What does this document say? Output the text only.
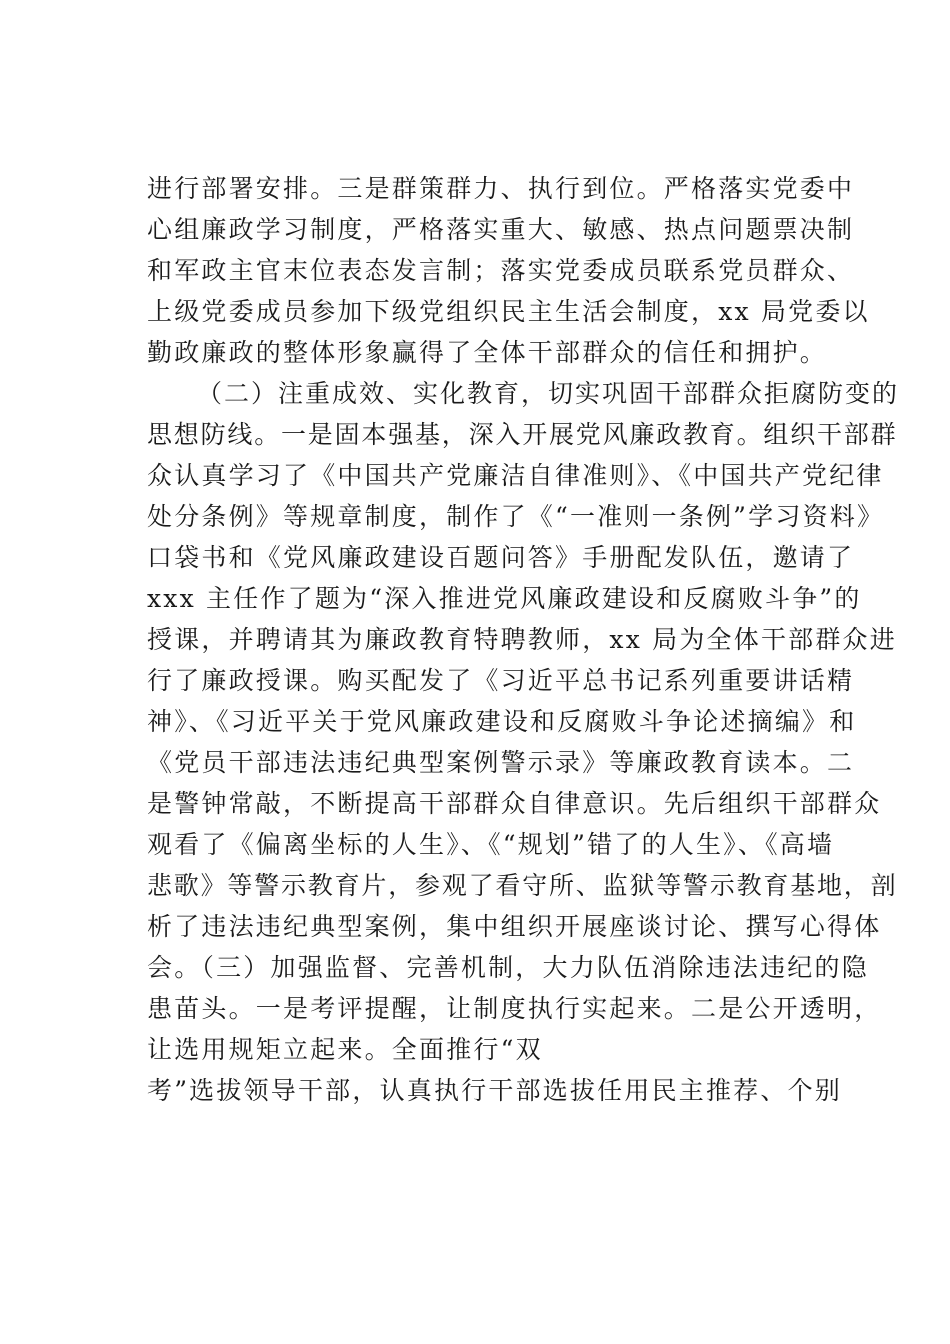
进行部署安排。三是群策群力、执行到位。严格落实党委中
心组廉政学习制度，严格落实重大、敏感、热点问题票决制
和军政主官末位表态发言制；落实党委成员联系党员群众、
上级党委成员参加下级党组织民主生活会制度，xx 局党委以
勤政廉政的整体形象赢得了全体干部群众的信任和拥护。
（二）注重成效、实化教育，切实巩固干部群众拒腐防变的
思想防线。一是固本强基，深入开展党风廉政教育。组织干部群
众认真学习了《中国共产党廉洁自律准则》、《中国共产党纪律
处分条例》等规章制度，制作了《“一准则一条例”学习资料》
口袋书和《党风廉政建设百题问答》手册配发队伍，邀请了
xxx 主任作了题为“深入推进党风廉政建设和反腐败斗争”的
授课，并聘请其为廉政教育特聘教师，xx 局为全体干部群众进
行了廉政授课。购买配发了《习近平总书记系列重要讲话精
神》、《习近平关于党风廉政建设和反腐败斗争论述摘编》和
《党员干部违法违纪典型案例警示录》等廉政教育读本。二
是警钟常敲，不断提高干部群众自律意识。先后组织干部群众
观看了《偏离坐标的人生》、《“规划”错了的人生》、《高墙
悲歌》等警示教育片，参观了看守所、监狱等警示教育基地，剖
析了违法违纪典型案例，集中组织开展座谈讨论、撰写心得体
会。（三）加强监督、完善机制，大力队伍消除违法违纪的隐
患苗头。一是考评提醒，让制度执行实起来。二是公开透明，
让选用规矩立起来。全面推行“双
考”选拔领导干部，认真执行干部选拔任用民主推荐、个别
